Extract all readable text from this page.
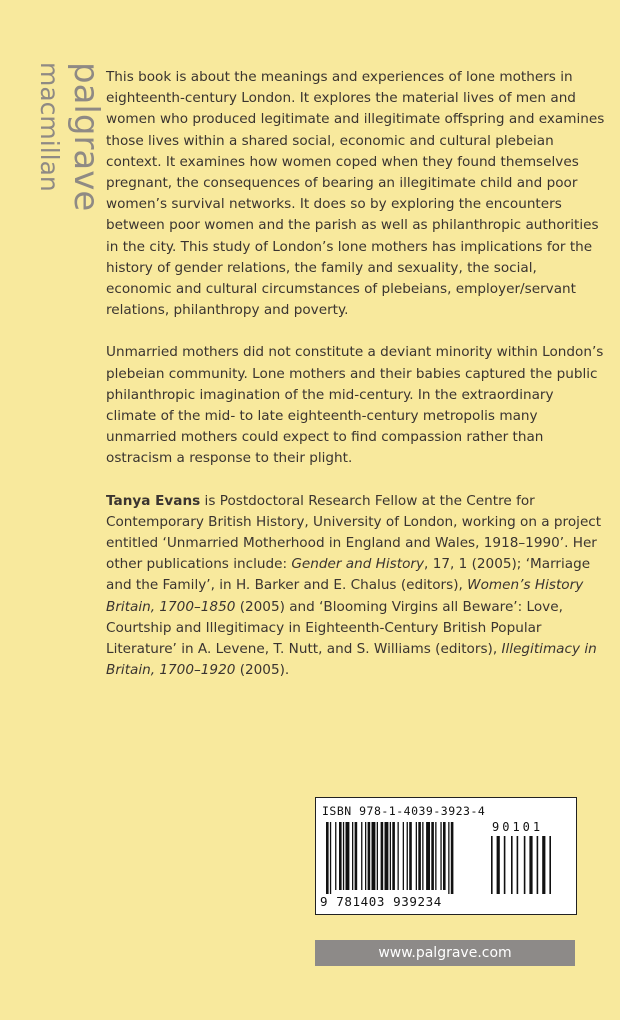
palgrave
macmillan	This book is about the meanings and experiences of lone mothers in eighteenth-century London. It explores the material lives of men and women who produced legitimate and illegitimate offspring and examines those lives within a shared social, economic and cultural plebeian context. It examines how women coped when they found themselves pregnant, the consequences of bearing an illegitimate child and poor women’s survival networks. It does so by exploring the encounters between poor women and the parish as well as philanthropic authorities in the city. This study of London’s lone mothers has implications for the history of gender relations, the family and sexuality, the social, economic and cultural circumstances of plebeians, employer/servant relations, philanthropy and poverty.

Unmarried mothers did not constitute a deviant minority within London’s plebeian community. Lone mothers and their babies captured the public philanthropic imagination of the mid-century. In the extraordinary climate of the mid- to late eighteenth-century metropolis many unmarried mothers could expect to find compassion rather than ostracism a response to their plight.

Tanya Evans is Postdoctoral Research Fellow at the Centre for Contemporary British History, University of London, working on a project entitled ‘Unmarried Motherhood in England and Wales, 1918–1990’. Her other publications include: Gender and History, 17, 1 (2005); ‘Marriage and the Family’, in H. Barker and E. Chalus (editors), Women’s History Britain, 1700–1850 (2005) and ‘Blooming Virgins all Beware’: Love, Courtship and Illegitimacy in Eighteenth-Century British Popular Literature’ in A. Levene, T. Nutt, and S. Williams (editors), Illegitimacy in Britain, 1700–1920 (2005).

ISBN 978-1-4039-3923-4
90101
9 781403 939234
www.palgrave.com
